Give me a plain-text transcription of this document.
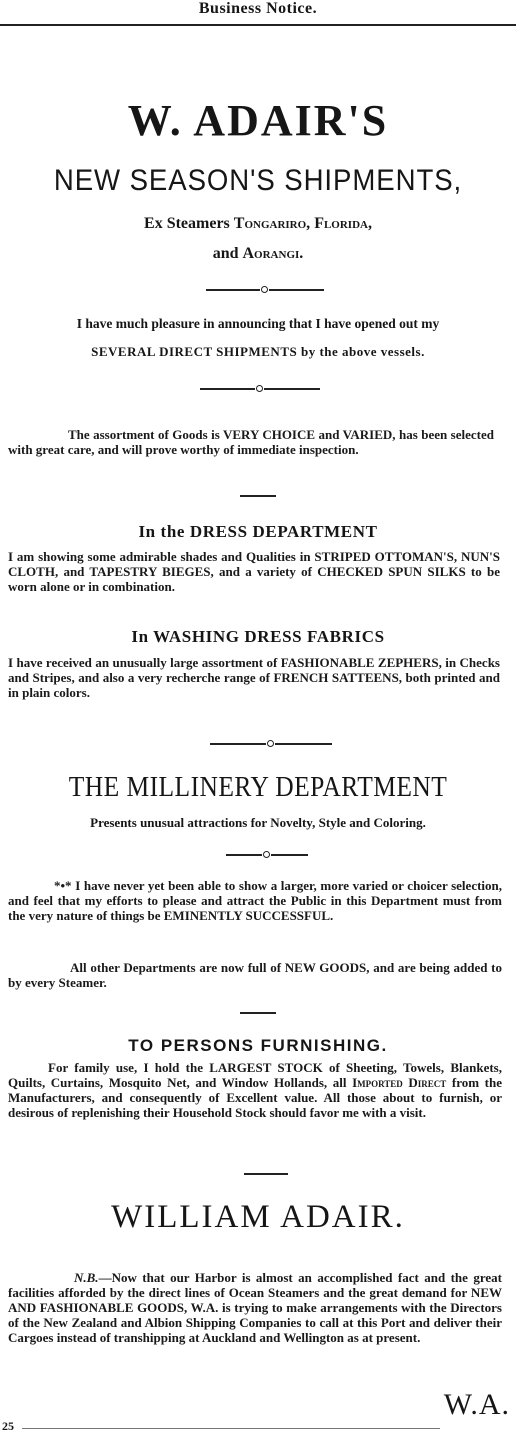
Business Notice.
W. ADAIR'S
NEW SEASON'S SHIPMENTS,
Ex Steamers Tongariro, Florida,
and Aorangi.
I have much pleasure in announcing that I have opened out my
SEVERAL DIRECT SHIPMENTS by the above vessels.
The assortment of Goods is VERY CHOICE and VARIED, has been selected with great care, and will prove worthy of immediate inspection.
In the DRESS DEPARTMENT
I am showing some admirable shades and Qualities in STRIPED OTTOMAN'S, NUN'S CLOTH, and TAPESTRY BIEGES, and a variety of CHECKED SPUN SILKS to be worn alone or in combination.
In WASHING DRESS FABRICS
I have received an unusually large assortment of FASHIONABLE ZEPHERS, in Checks and Stripes, and also a very recherche range of FRENCH SATTEENS, both printed and in plain colors.
THE MILLINERY DEPARTMENT
Presents unusual attractions for Novelty, Style and Coloring.
*•* I have never yet been able to show a larger, more varied or choicer selection, and feel that my efforts to please and attract the Public in this Department must from the very nature of things be EMINENTLY SUCCESSFUL.
All other Departments are now full of NEW GOODS, and are being added to by every Steamer.
TO PERSONS FURNISHING.
For family use, I hold the LARGEST STOCK of Sheeting, Towels, Blankets, Quilts, Curtains, Mosquito Net, and Window Hollands, all Imported Direct from the Manufacturers, and consequently of Excellent value. All those about to furnish, or desirous of replenishing their Household Stock should favor me with a visit.
WILLIAM ADAIR.
N.B.—Now that our Harbor is almost an accomplished fact and the great facilities afforded by the direct lines of Ocean Steamers and the great demand for NEW AND FASHIONABLE GOODS, W.A. is trying to make arrangements with the Directors of the New Zealand and Albion Shipping Companies to call at this Port and deliver their Cargoes instead of transhipping at Auckland and Wellington as at present.
W.A.
25
